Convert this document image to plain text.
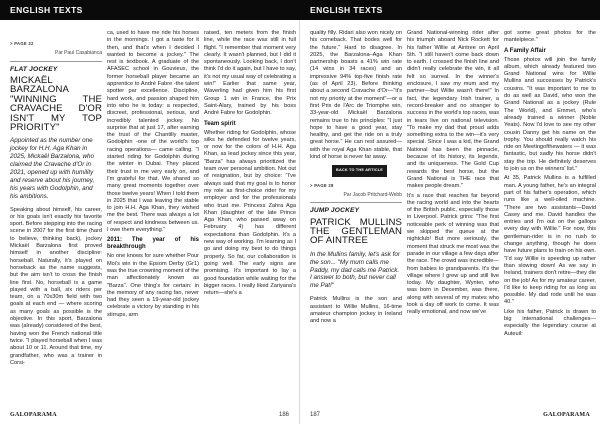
ENGLISH TEXTS
> PAGE 22
Par Paul Casabianca
FLAT JOCKEY
MICKAËL BARZALONA "WINNING THE CRAVACHE D'OR ISN'T MY TOP PRIORITY"
Appointed as the number one jockey for H.H. Aga Khan in 2025, Mickaël Barzalona, who claimed the Cravache d'Or in 2021, opened up with humility and reserve about his journey, his years with Godolphin, and his ambitions.

Speaking about himself, his career, or his goals isn't exactly his favorite sport. Before stepping into the racing scene in 2007 for the first time (hard to believe, thinking back), jockey Mickaël Barzalona first proved himself in another discipline: horseball. Naturally, it's played on horseback as the name suggests, but the aim isn't to cross the finish line first. No, horseball is a game played with a ball, six riders per team, on a 70x30m field with two goals at each end — where scoring as many goals as possible is the objective. In this sport, Barzalona was (already) considered of the best, having won the French national title twice. "I played horseball when I was about 10 or 11. Around that time, my grandfather, who was a trainer in Corsi-

ca, used to have me ride his horses in the mornings. I got a taste for it then, and that's when I decided I wanted to become a jockey." The rest is textbook. A graduate of the AFASEC school in Gouvieux, the former horseball player became an apprentice to André Fabre -the talent spotter par excellence. Discipline, hard work, and passion shaped him into who he is today: a respected, discreet, professional, serious, and incredibly talented jockey. No surprise that at just 17, after earning the trust of the Chantilly master, Godolphin -one of the world's top racing operations— came calling. "I started riding for Godolphin during the winter in Dubai. They placed their trust in me very early on, and I'm grateful for that. We shared so many great moments together over those twelve years! When I told them in 2025 that I was leaving the stable to join H.H. Aga Khan, they wished me the best. There was always a lot of respect and kindness between us. I owe them everything."

2011: The year of his breakthrough

No one knows for sure whether Pour Moi's win in the Epsom Derby (Gr1) was the true crowning moment of the man affectionately known as "Barza". One thing's for certain: in the memory of any racing fan, never had they seen a 19-year-old jockey celebrate a victory by standing in his stirrups, arm

raised, ten meters from the finish line, while the race was still in full flight. "I remember that moment very clearly. It wasn't planned, but I did it spontaneously. Looking back, I don't think I'd do it again, but I have to say, it's not my usual way of celebrating a win!" Earlier that same year, Waverling had given him his first Group 1 win in France, the Prix Saint-Alary, trained by his boss André Fabre for Godolphin.

Team spirit

Whether riding for Godolphin, whose silks he defended for twelve years, or now for the colors of H.H. Aga Khan, as lead jockey since this year, "Barza" has always prioritized the team over personal ambition. Not out of resignation, but by choice: "I've always said that my goal is to honor my role as first-choice rider for my employer and for the professionals who trust me. Princess Zahra Aga Khan (daughter of the late Prince Aga Khan, who passed away on February 4) has different expectations than Godolphin. It's a new way of working. I'm learning as I go and doing my best to do things properly. So far, our collaboration is going well. The early signs are promising. It's important to lay a good foundation while waiting for the bigger races. I really liked Zariyana's return—she's a

GALOPARAMA	186
ENGLISH TEXTS

quality filly. Ridari also won nicely on his comeback. That bodes well for the future." Hard to disagree. In 2025, the Barzalona–Aga Khan partnership boasts a 41% win rate (14 wins in 34 races) and an impressive 94% top-five finish rate (as of April 23). Before thinking about a second Cravache d'Or—"it's not my priority at the moment"—or a first Prix de l'Arc de Triomphe win, 33-year-old Mickaël Barzalona remains true to his principles: "I just hope to have a good year, stay healthy, and get the ride on a truly great horse." He can rest assured—with the royal Aga Khan stable, that kind of horse is never far away.

BACK TO THE ARTICLE
> PAGE 28
Par Jacob Pritchard-Webb
JUMP JOCKEY
PATRICK MULLINS THE GENTLEMAN OF AINTREE
In the Mullins family, let's ask for the son... "My mum calls me Paddy, my dad calls me Patrick. I answer to both, but never call me Pat!"

Patrick Mullins is the son and assistant to Willie Mullins, 16-time amateur champion jockey in Ireland and now a

Grand National-winning rider after his triumph aboard Nick Rockett for his father Willie at Aintree on April 5th. "I still haven't come back down to earth. I crossed the finish line and didn't really celebrate the win, it all felt so surreal. In the winner's enclosure, I saw my mum and my partner—but Willie wasn't there!" In fact, the legendary Irish trainer, a record-breaker and no stranger to success in the world's top races, was in tears live on national television. "To make my dad that proud adds something extra to the win—it's very special. Since I was a kid, the Grand National has been the pinnacle, because of its history, its legends, and its uniqueness. The Gold Cup rewards the best horse, but the Grand National is THE race that makes people dream."

It's a race that reaches far beyond the racing world and into the hearts of the British public, especially those in Liverpool. Patrick grins: "The first noticeable perk of winning was that we skipped the queue at the nightclub! But more seriously, the moment that struck me most was the parade in our village a few days after the race. The crowd was incredible—from babies to grandparents. It's the village where I grew up and still live today. My daughter, Wynter, who was born in December, was there, along with several of my mates who took a day off work to come. It was really emotional, and now we've

got some great photos for the mantelpiece."

A Family Affair

Those photos will join the family album, which already featured two Grand National wins for Willie Mullins and successes by Patrick's cousins. "It was important to me to do as well as David, who won the Grand National as a jockey (Rule The World), and Emmet, who's already trained a winner (Noble Yeats). Now I'd love to see my other cousin Danny get his name on the trophy. You should really watch his ride on Meetingofthewaters — it was fantastic, but sadly his horse didn't stay the trip. He definitely deserves to join us on the winners' list."

At 35, Patrick Mullins is a fulfilled man. A young father, he's an integral part of his father's operation, which runs like a well-oiled machine. "There are two assistants—David Casey and me. David handles the entries and I'm out on the gallops every day with Willie." For now, this gentleman-rider is in no rush to change anything, though he does have future plans to train on his own. "I'd say Willie is speeding up rather than slowing down! As we say in Ireland, trainers don't retire—they die on the job! As for my amateur career, I'd like to keep riding for as long as possible. My dad rode until he was 40."

Like his father, Patrick is drawn to big international challenges—especially the legendary course at Auteuil:

187	GALOPARAMA
